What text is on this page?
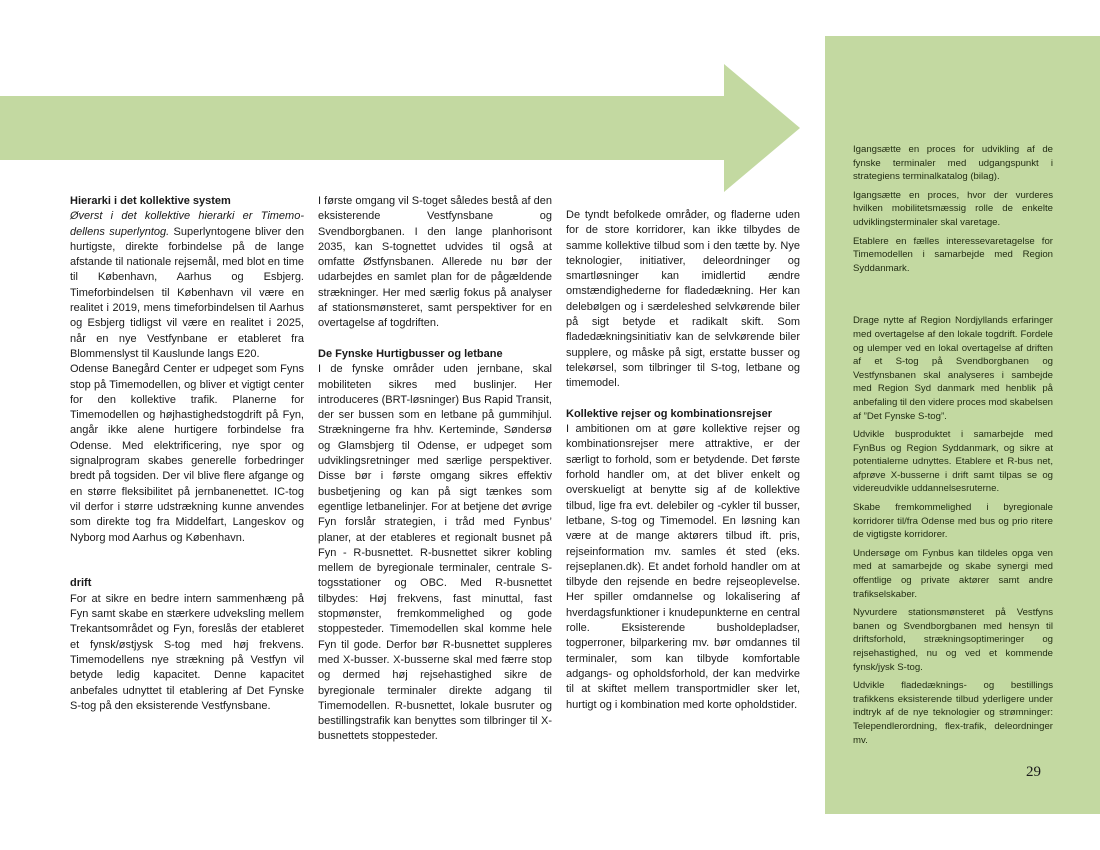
Hierarki i det kollektive system

Øverst i det kollektive hierarki er Timemo-dellens superlyntog. Superlyntogene bliver den hurtigste, direkte forbindelse på de lange afstande til nationale rejsemål, med blot en time til København, Aarhus og Esbjerg. Timeforbindelsen til København vil være en realitet i 2019, mens timeforbindelsen til Aarhus og Esbjerg tidligst vil være en realitet i 2025, når en nye Vestfynbane er etableret fra Blommenslyst til Kauslunde langs E20.

Odense Banegård Center er udpeget som Fyns stop på Timemodellen, og bliver et vigtigt center for den kollektive trafik. Planerne for Timemodellen og højhastighedstogdrift på Fyn, angår ikke alene hurtigere forbindelse fra Odense. Med elektrificering, nye spor og signalprogram skabes generelle forbedringer bredt på togsiden. Der vil blive flere afgange og en større fleksibilitet på jernbanenettet. IC-tog vil derfor i større udstrækning kunne anvendes som direkte tog fra Middelfart, Langeskov og Nyborg mod Aarhus og København.

drift

For at sikre en bedre intern sammenhæng på Fyn samt skabe en stærkere udveksling mellem Trekantsområdet og Fyn, foreslås der etableret et fynsk/østjysk S-tog med høj frekvens. Timemodellens nye strækning på Vestfyn vil betyde ledig kapacitet. Denne kapacitet anbefales udnyttet til etablering af Det Fynske S-tog på den eksisterende Vestfynsbane.

I første omgang vil S-toget således bestå af den eksisterende Vestfynsbane og Svendborgbanen. I den lange planhorisont 2035, kan S-tognettet udvides til også at omfatte Østfynsbanen. Allerede nu bør der udarbejdes en samlet plan for de pågældende strækninger. Her med særlig fokus på analyser af stationsmønsteret, samt perspektiver for en overtagelse af togdriften.

De Fynske Hurtigbusser og letbane

I de fynske områder uden jernbane, skal mobiliteten sikres med buslinjer. Her introduceres (BRT-løsninger) Bus Rapid Transit, der ser bussen som en letbane på gummihjul. Strækningerne fra hhv. Kerteminde, Søndersø og Glamsbjerg til Odense, er udpeget som udviklingsretninger med særlige perspektiver. Disse bør i første omgang sikres effektiv busbetjening og kan på sigt tænkes som egentlige letbanelinjer. For at betjene det øvrige Fyn forslår strategien, i tråd med Fynbus’ planer, at der etableres et regionalt busnet på Fyn - R-busnettet. R-busnettet sikrer kobling mellem de byregionale terminaler, centrale S-togsstationer og OBC. Med R-busnettet tilbydes: Høj frekvens, fast minuttal, fast stopmønster, fremkommelighed og gode stoppesteder. Timemodellen skal komme hele Fyn til gode. Derfor bør R-busnettet suppleres med X-busser. X-busserne skal med færre stop og dermed høj rejsehastighed sikre de byregionale terminaler direkte adgang til Timemodellen. R-busnettet, lokale busruter og bestillingstrafik kan benyttes som tilbringer til X-busnettets stoppesteder.

De tyndt befolkede områder, og fladerne uden for de store korridorer, kan ikke tilbydes de samme kollektive tilbud som i den tætte by. Nye teknologier, initiativer, deleordninger og smartløsninger kan imidlertid ændre omstændighederne for fladedækning. Her kan delebølgen og i særdeleshed selvkørende biler på sigt betyde et radikalt skift. Som fladedækningsinitiativ kan de selvkørende biler supplere, og måske på sigt, erstatte busser og telekørsel, som tilbringer til S-tog, letbane og timemodel.

Kollektive rejser og kombinationsrejser

I ambitionen om at gøre kollektive rejser og kombinationsrejser mere attraktive, er der særligt to forhold, som er betydende. Det første forhold handler om, at det bliver enkelt og overskueligt at benytte sig af de kollektive tilbud, lige fra evt. delebiler og -cykler til busser, letbane, S-tog og Timemodel. En løsning kan være at de mange aktørers tilbud ift. pris, rejseinformation mv. samles ét sted (eks. rejseplanen.dk). Et andet forhold handler om at tilbyde den rejsende en bedre rejseoplevelse. Her spiller omdannelse og lokalisering af hverdagsfunktioner i knudepunkterne en central rolle. Eksisterende busholdepladser, togperroner, bilparkering mv. bør omdannes til terminaler, som kan tilbyde komfortable adgangs- og opholdsforhold, der kan medvirke til at skiftet mellem transportmidler sker let, hurtigt og i kombination med korte opholdstider.

Igangsætte en proces for udvikling af de fynske terminaler med udgangspunkt i strategiens terminalkatalog (bilag).

Igangsætte en proces, hvor der vurderes hvilken mobilitetsmæssig rolle de enkelte udviklingsterminaler skal varetage.

Etablere en fælles interessevaretagelse for Timemodellen i samarbejde med Region Syddanmark.

Drage nytte af Region Nordjyllands erfaringer med overtagelse af den lokale togdrift. Fordele og ulemper ved en lokal overtagelse af driften af et S-tog på Svendborgbanen og Vestfynsbanen skal analyseres i sambejde med Region Syd danmark med henblik på anbefaling til den videre proces mod skabelsen af ”Det Fynske S-tog”.

Udvikle busproduktet i samarbejde med FynBus og Region Syddanmark, og sikre at potentialerne udnyttes. Etablere et R-bus net, afprøve X-busserne i drift samt tilpas se og videreudvikle uddannelsesruterne.

Skabe fremkommelighed i byregionale korridorer til/fra Odense med bus og prio ritere de vigtigste korridorer.

Undersøge om Fynbus kan tildeles opga ven med at samarbejde og skabe synergi med offentlige og private aktører samt andre trafikselskaber.

Nyvurdere stationsmønsteret på Vestfyns banen og Svendborgbanen med hensyn til driftsforhold, strækningsoptimeringer og rejsehastighed, nu og ved et kommende fynsk/jysk S-tog.

Udvikle fladedæknings- og bestillings trafikkens eksisterende tilbud yderligere under indtryk af de nye teknologier og strømninger: Telependlerordning, flex-trafik, deleordninger mv.

29
